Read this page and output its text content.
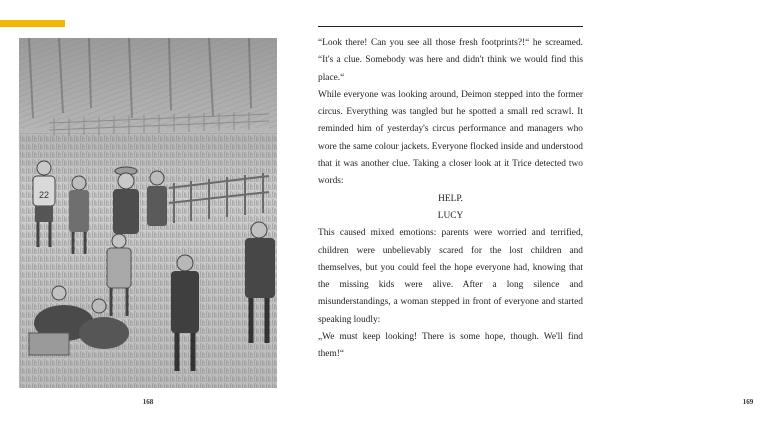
22
168

“Look there! Can you see all those fresh footprints?!“ he screamed. “It's a clue. Somebody was here and didn't think we would find this place.“

While everyone was looking around, Deimon stepped into the former circus. Everything was tangled but he spotted a small red scrawl. It reminded him of yesterday's circus performance and managers who wore the same colour jackets. Everyone flocked inside and understood that it was another clue. Taking a closer look at it Trice detected two words:

HELP.

LUCY

This caused mixed emotions: parents were worried and terrified, children were unbelievably scared for the lost children and themselves, but you could feel the hope everyone had, knowing that the missing kids were alive. After a long silence and misunderstandings, a woman stepped in front of everyone and started speaking loudly:

„We must keep looking! There is some hope, though. We'll find them!“

169
